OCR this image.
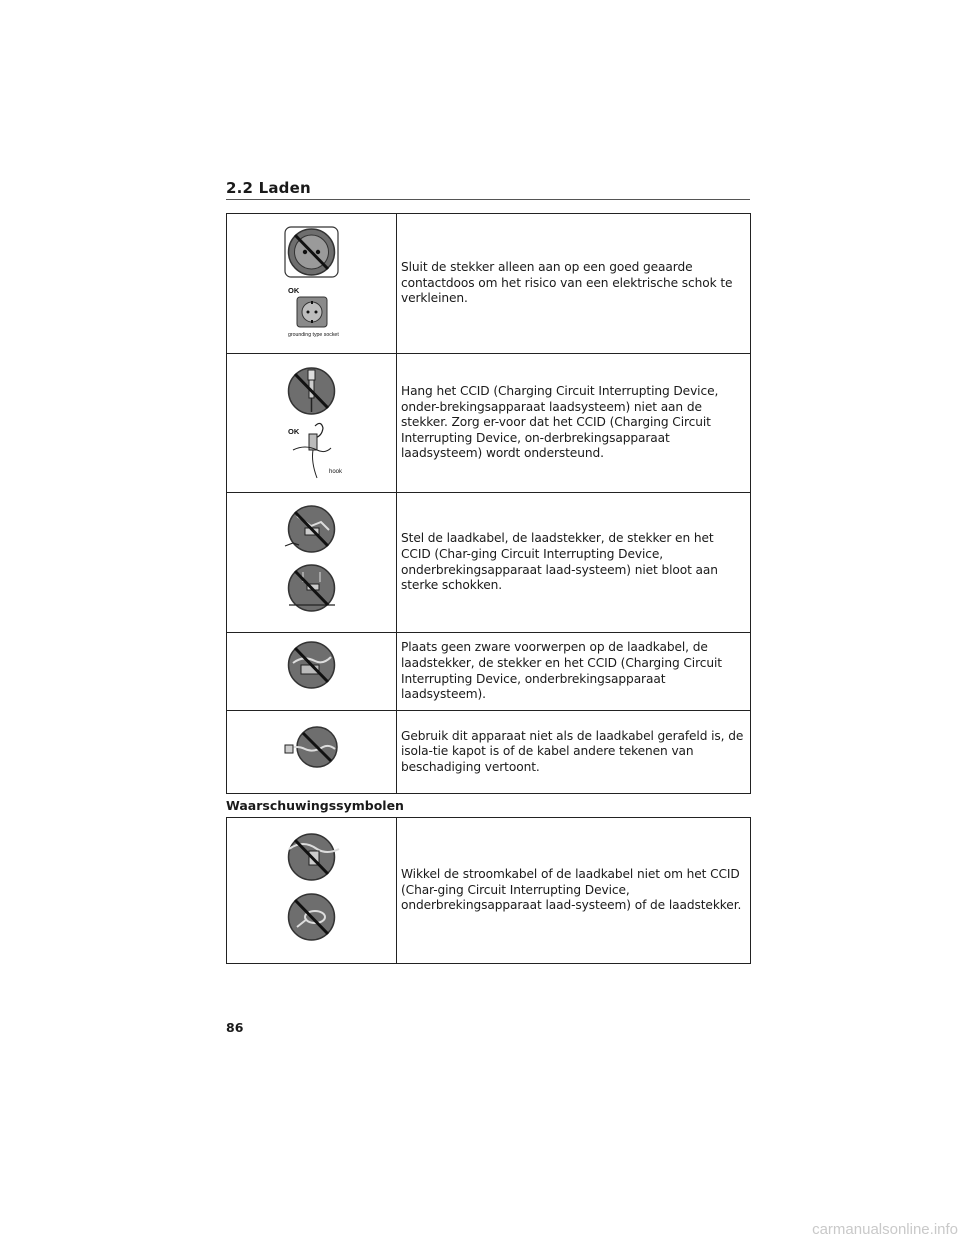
2.2 Laden
OK
grounding type socket	Sluit de stekker alleen aan op een goed geaarde contactdoos om het risico van een elektrische schok te verkleinen.

OK
hook	Hang het CCID (Charging Circuit Interrupting Device, onder-brekingsapparaat laadsysteem) niet aan de stekker. Zorg er-voor dat het CCID (Charging Circuit Interrupting Device, on-derbrekingsapparaat laadsysteem) wordt ondersteund.
	Stel de laadkabel, de laadstekker, de stekker en het CCID (Char-ging Circuit Interrupting Device, onderbrekingsapparaat laad-systeem) niet bloot aan sterke schokken.
	Plaats geen zware voorwerpen op de laadkabel, de laadstekker, de stekker en het CCID (Charging Circuit Interrupting Device, onderbrekingsapparaat laadsysteem).
	Gebruik dit apparaat niet als de laadkabel gerafeld is, de isola-tie kapot is of de kabel andere tekenen van beschadiging vertoont.
Waarschuwingssymbolen
	Wikkel de stroomkabel of de laadkabel niet om het CCID (Char-ging Circuit Interrupting Device, onderbrekingsapparaat laad-systeem) of de laadstekker.
86
carmanualsonline.info
